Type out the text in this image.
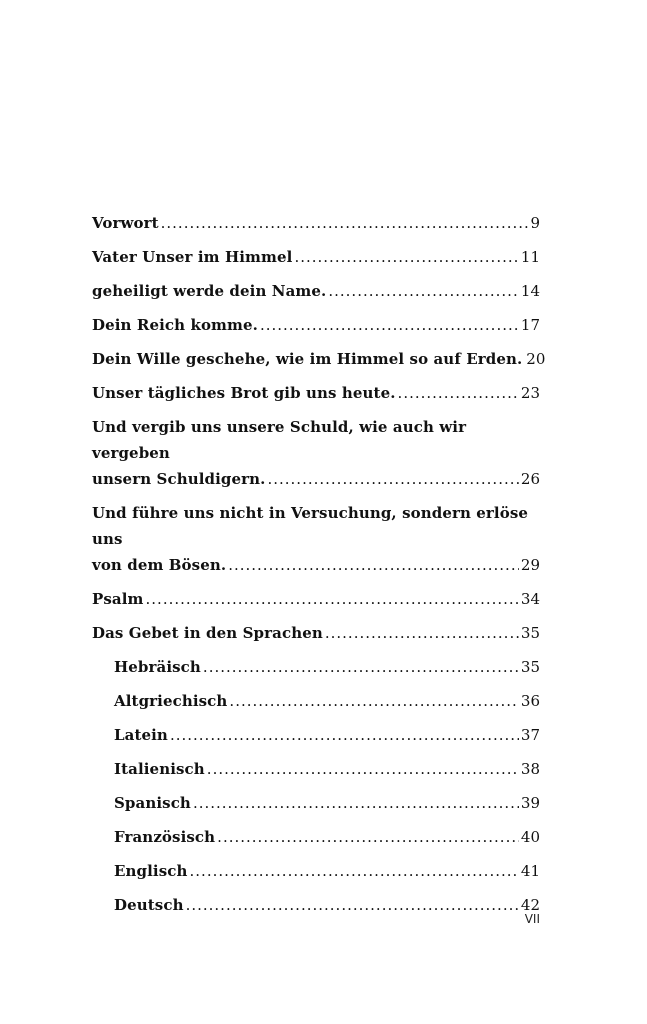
Vorwort .....	9
Vater Unser im Himmel .....	11
geheiligt werde dein Name. .....	14
Dein Reich komme. .....	17
Dein Wille geschehe, wie im Himmel so auf Erden. 20
Unser tägliches Brot gib uns heute. .....	23
Und vergib uns unsere Schuld, wie auch wir vergeben
unsern Schuldigern. .....	26
Und führe uns nicht in Versuchung, sondern erlöse uns
von dem Bösen. .....	29
Psalm .....	34
Das Gebet in den Sprachen .....	35
Hebräisch .....	35
Altgriechisch .....	36
Latein .....	37
Italienisch .....	38
Spanisch .....	39
Französisch .....	40
Englisch .....	41
Deutsch .....	42
VII
